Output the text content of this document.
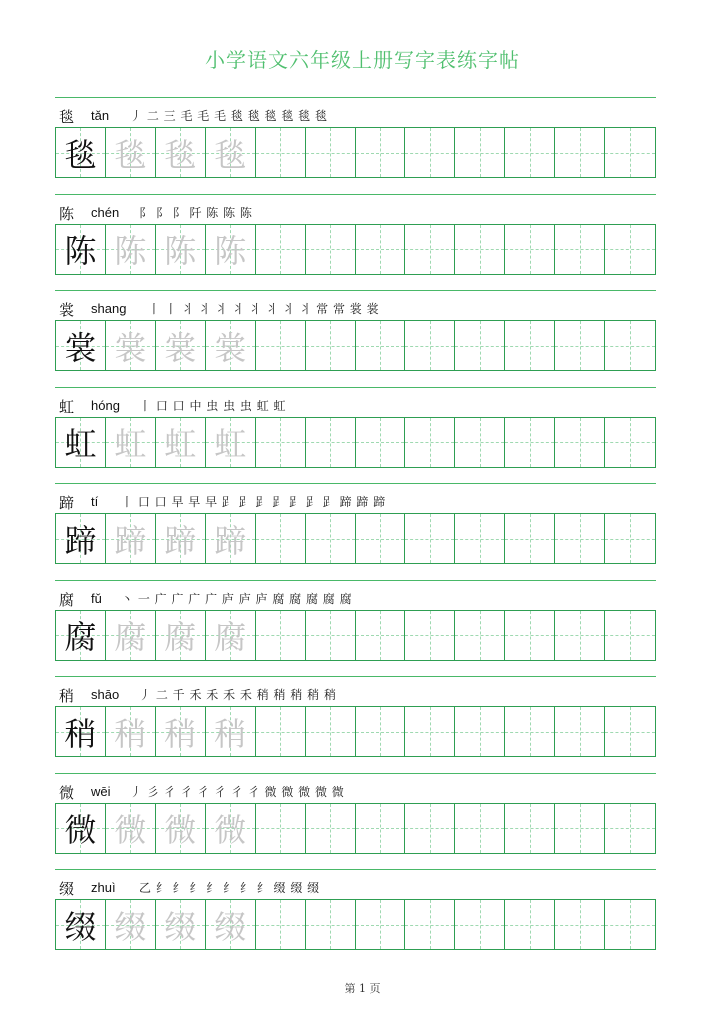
小学语文六年级上册写字表练字帖
毯 tǎn 丿 二 三 毛 毛 毛 毯 毯 毯 毯 毯 毯
毯 毯 毯 毯
陈 chén 阝 阝 阝 阡 陈 陈 陈
陈 陈 陈 陈
裳 shang 丨 丨 丬 丬 丬 丬 丬 丬 丬 丬 常 常 裳 裳
裳 裳 裳 裳
虹 hóng 丨 口 口 中 虫 虫 虫 虹 虹
虹 虹 虹 虹
蹄 tí 丨 口 口 早 早 早 𧾷 𧾷 𧾷 𧾷 𧾷 𧾷 𧾷 蹄 蹄 蹄
蹄 蹄 蹄 蹄
腐 fǔ 丶 一 广 广 广 广 庐 庐 庐 腐 腐 腐 腐 腐
腐 腐 腐 腐
稍 shāo 丿 二 千 禾 禾 禾 禾 稍 稍 稍 稍 稍
稍 稍 稍 稍
微 wēi 丿 彡 彳 彳 彳 彳 彳 彳 微 微 微 微 微
微 微 微 微
缀 zhuì 乙 纟 纟 纟 纟 纟 纟 纟 缀 缀 缀
缀 缀 缀 缀
第 1 页
